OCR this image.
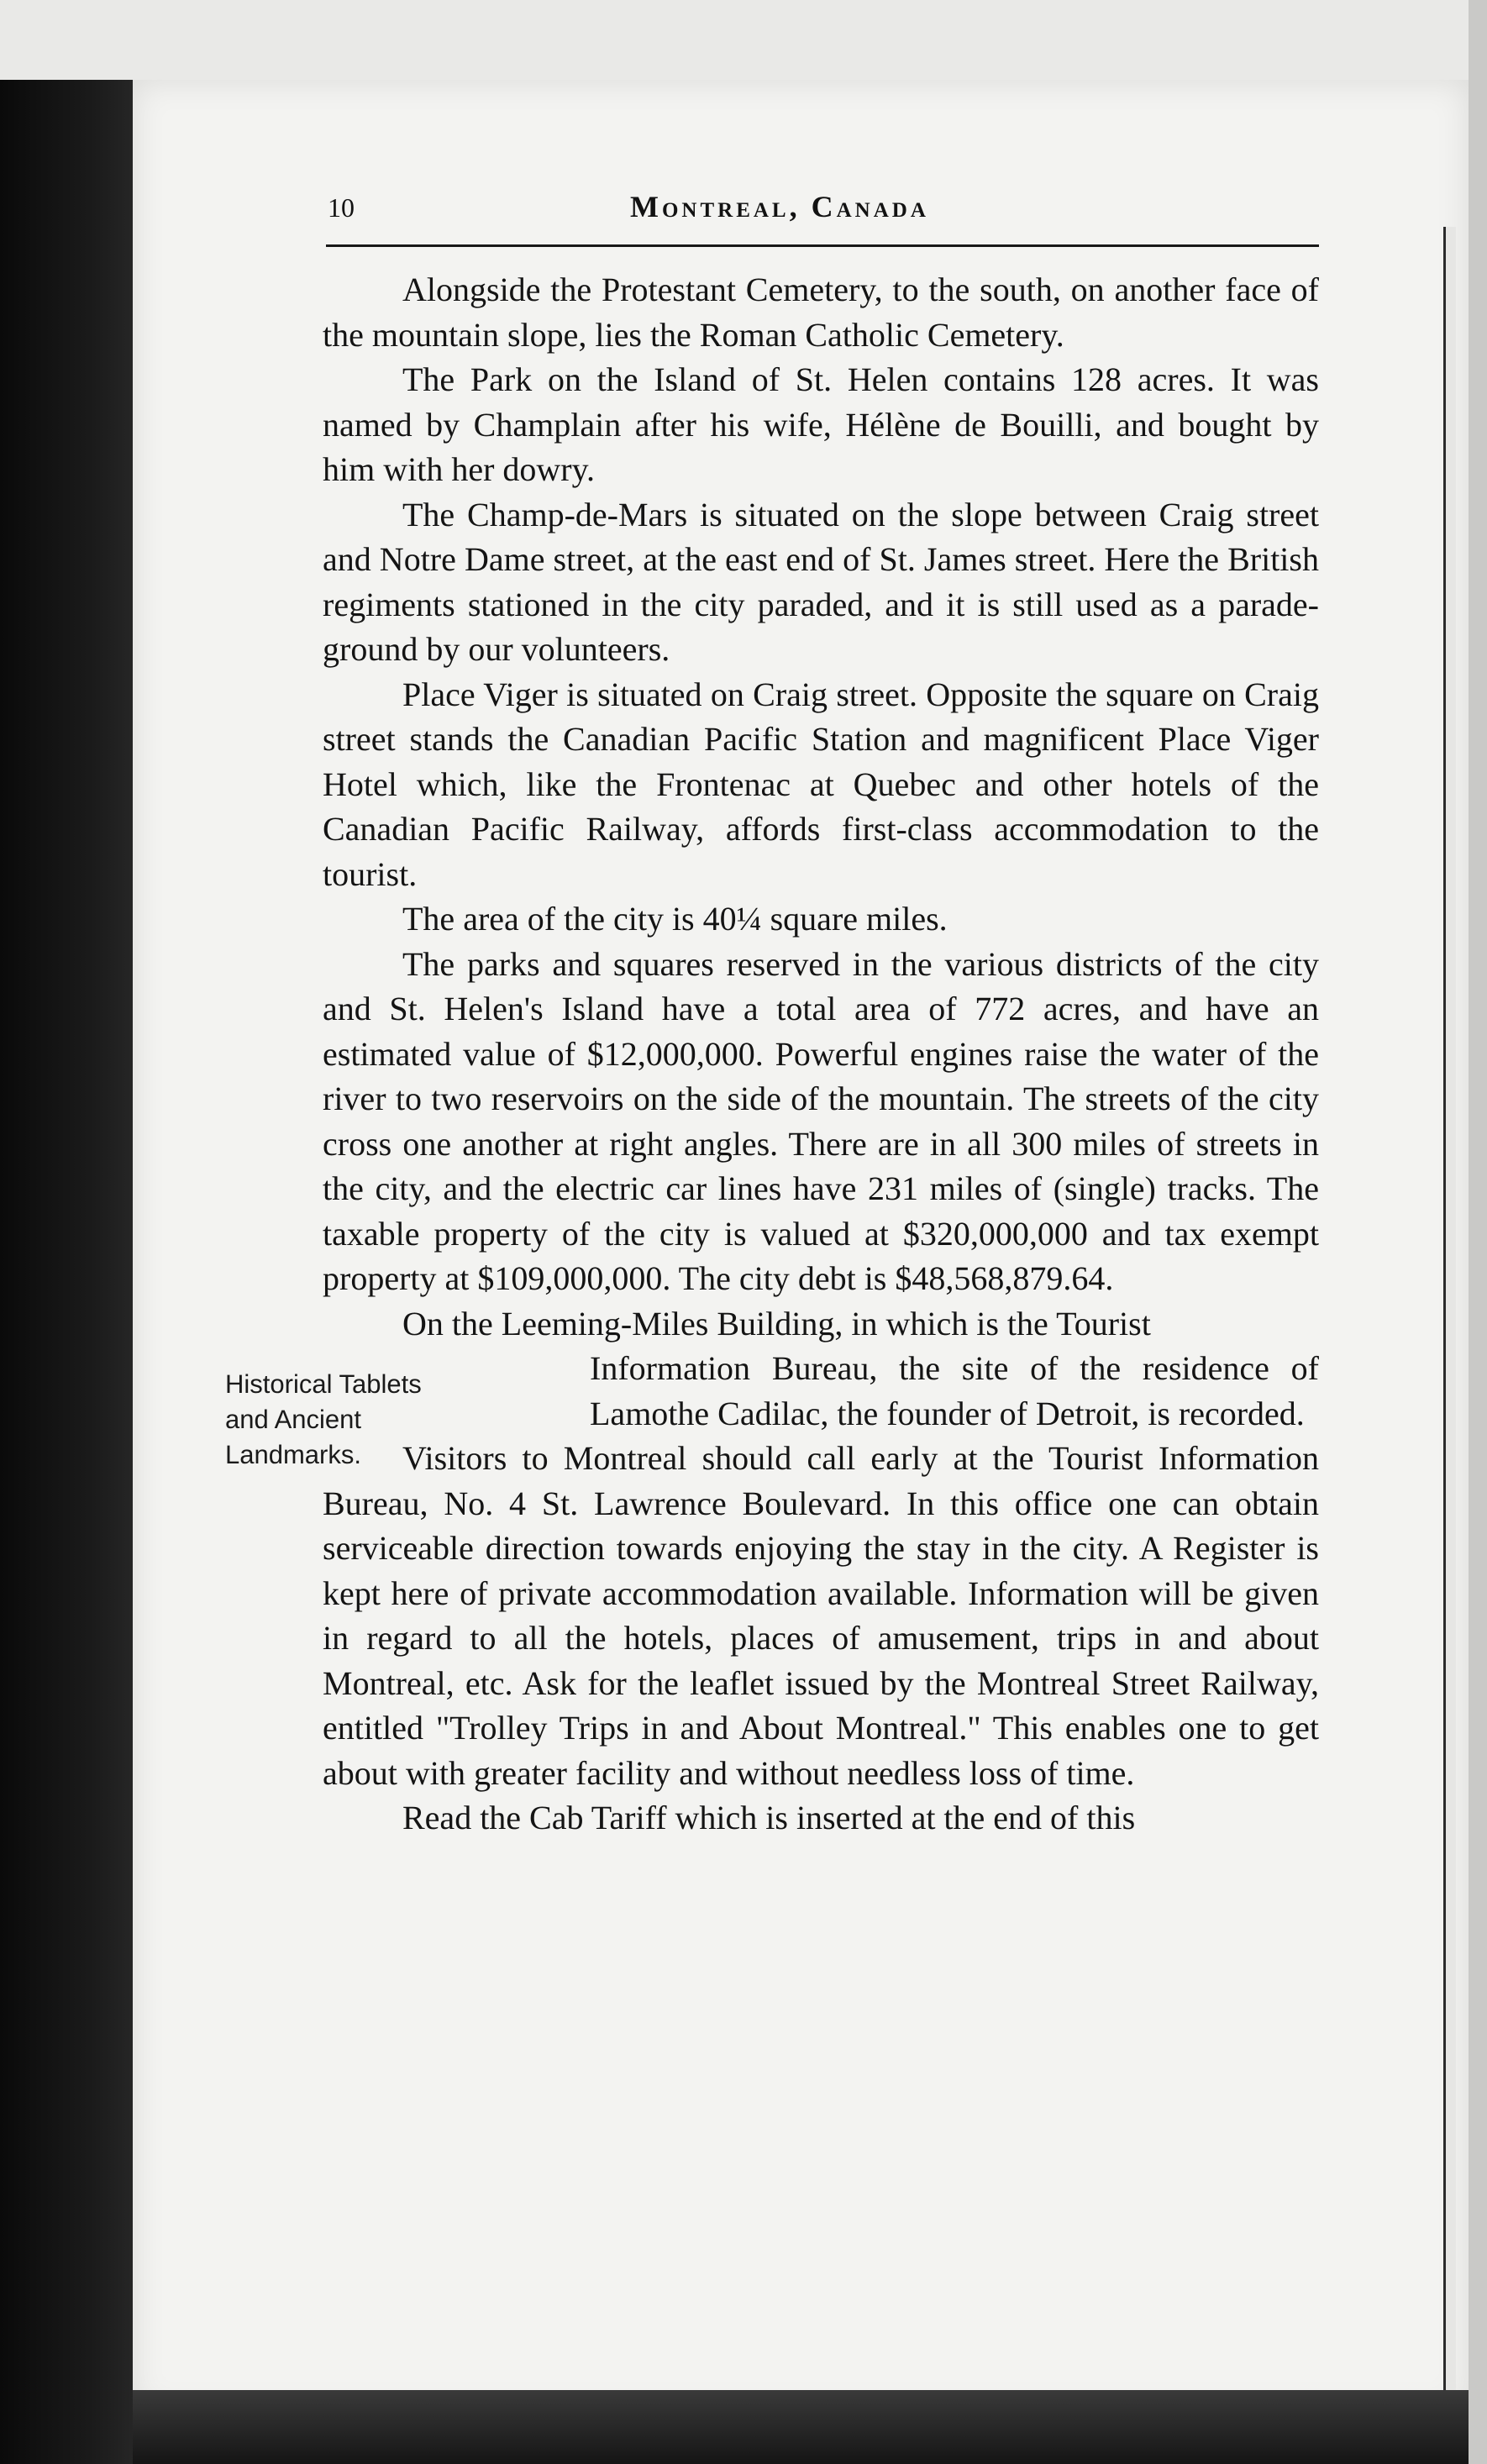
10	Montreal, Canada

Alongside the Protestant Cemetery, to the south, on another face of the mountain slope, lies the Roman Catholic Cemetery.

The Park on the Island of St. Helen contains 128 acres. It was named by Champlain after his wife, Hélène de Bouilli, and bought by him with her dowry.

The Champ-de-Mars is situated on the slope between Craig street and Notre Dame street, at the east end of St. James street. Here the British regiments stationed in the city paraded, and it is still used as a parade-ground by our volunteers.

Place Viger is situated on Craig street. Opposite the square on Craig street stands the Canadian Pacific Station and magnificent Place Viger Hotel which, like the Frontenac at Quebec and other hotels of the Canadian Pacific Railway, affords first-class accommodation to the tourist.

The area of the city is 40¼ square miles.

The parks and squares reserved in the various districts of the city and St. Helen's Island have a total area of 772 acres, and have an estimated value of $12,000,000. Powerful engines raise the water of the river to two reservoirs on the side of the mountain. The streets of the city cross one another at right angles. There are in all 300 miles of streets in the city, and the electric car lines have 231 miles of (single) tracks. The taxable property of the city is valued at $320,000,000 and tax exempt property at $109,000,000. The city debt is $48,568,879.64.

On the Leeming-Miles Building, in which is the Tourist

Information Bureau, the site of the residence of Lamothe Cadilac, the founder of Detroit, is recorded.

Historical Tablets and Ancient Landmarks.	Visitors to Montreal should call early at the Tourist Information Bureau, No. 4 St. Lawrence Boulevard. In this office one can obtain serviceable direction towards enjoying the stay in the city. A Register is kept here of private accommodation available. Information will be given in regard to all the hotels, places of amusement, trips in and about Montreal, etc. Ask for the leaflet issued by the Montreal Street Railway, entitled "Trolley Trips in and About Montreal." This enables one to get about with greater facility and without needless loss of time.

Read the Cab Tariff which is inserted at the end of this
